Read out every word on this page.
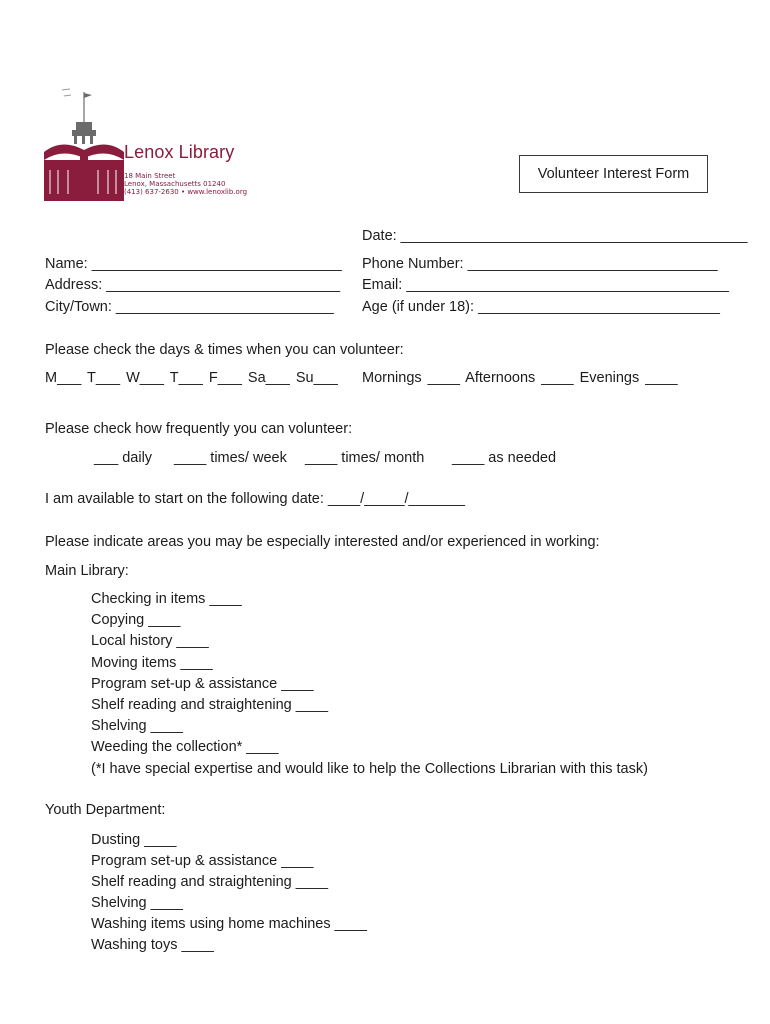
Lenox Library
18 Main Street
Lenox, Massachusetts 01240
(413) 637-2630 • www.lenoxlib.org
Volunteer Interest Form
Date: ___________________________________________
Name: _______________________________ Phone Number: _______________________________
Address: _____________________________ Email: ________________________________________
City/Town: ___________________________ Age (if under 18): ______________________________
Please check the days & times when you can volunteer:
M___ T___ W___ T___ F___ Sa___ Su___ Mornings ____ Afternoons ____ Evenings ____
Please check how frequently you can volunteer:
___ daily ____ times/ week ____ times/ month ____ as needed
I am available to start on the following date: ____/_____/_______
Please indicate areas you may be especially interested and/or experienced in working:
Main Library:
Checking in items ____
Copying ____
Local history ____
Moving items ____
Program set-up & assistance ____
Shelf reading and straightening ____
Shelving ____
Weeding the collection* ____
(*I have special expertise and would like to help the Collections Librarian with this task)
Youth Department:
Dusting ____
Program set-up & assistance ____
Shelf reading and straightening ____
Shelving ____
Washing items using home machines ____
Washing toys ____
